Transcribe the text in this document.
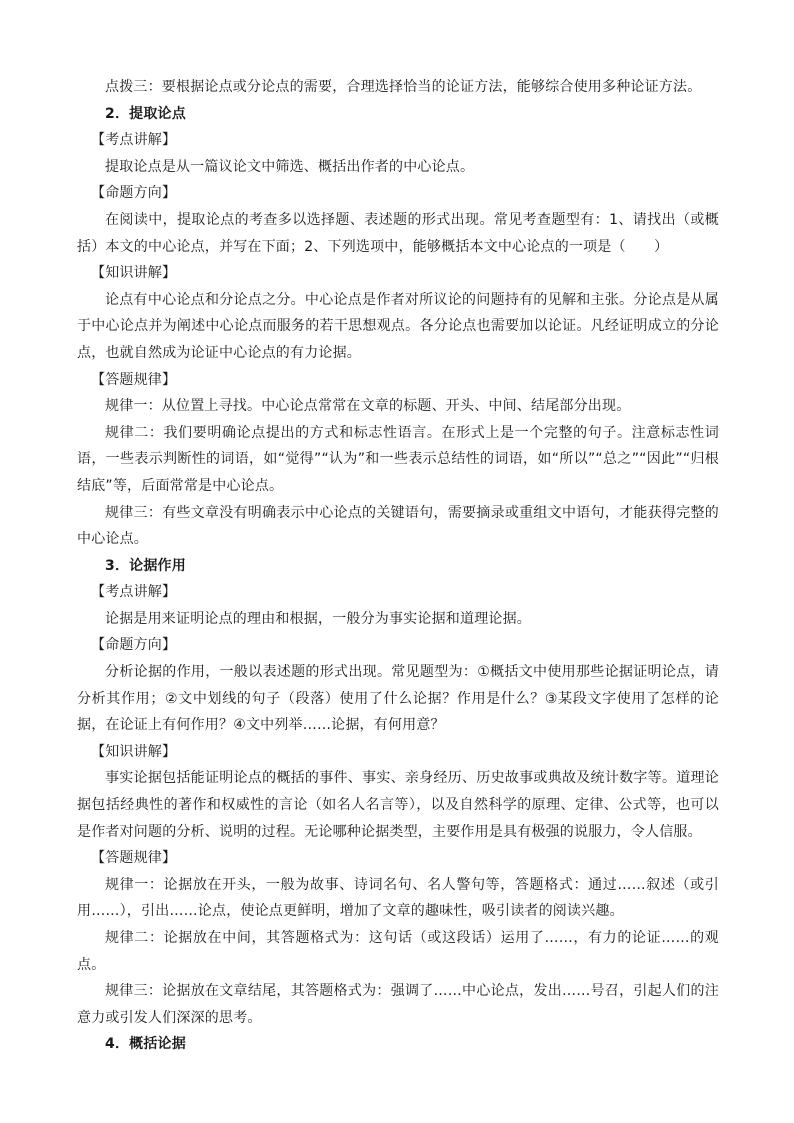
点拨三：要根据论点或分论点的需要，合理选择恰当的论证方法，能够综合使用多种论证方法。

2．提取论点

【考点讲解】

提取论点是从一篇议论文中筛选、概括出作者的中心论点。

【命题方向】

在阅读中，提取论点的考查多以选择题、表述题的形式出现。常见考查题型有：1、请找出（或概括）本文的中心论点，并写在下面；2、下列选项中，能够概括本文中心论点的一项是（　　）

【知识讲解】

论点有中心论点和分论点之分。中心论点是作者对所议论的问题持有的见解和主张。分论点是从属于中心论点并为阐述中心论点而服务的若干思想观点。各分论点也需要加以论证。凡经证明成立的分论点，也就自然成为论证中心论点的有力论据。

【答题规律】

规律一：从位置上寻找。中心论点常常在文章的标题、开头、中间、结尾部分出现。

规律二：我们要明确论点提出的方式和标志性语言。在形式上是一个完整的句子。注意标志性词语，一些表示判断性的词语，如“觉得”“认为”和一些表示总结性的词语，如“所以”“总之”“因此”“归根结底”等，后面常常是中心论点。

规律三：有些文章没有明确表示中心论点的关键语句，需要摘录或重组文中语句，才能获得完整的中心论点。

3．论据作用

【考点讲解】

论据是用来证明论点的理由和根据，一般分为事实论据和道理论据。

【命题方向】

分析论据的作用，一般以表述题的形式出现。常见题型为：①概括文中使用那些论据证明论点，请分析其作用；②文中划线的句子（段落）使用了什么论据？作用是什么？③某段文字使用了怎样的论据，在论证上有何作用？④文中列举……论据，有何用意？

【知识讲解】

事实论据包括能证明论点的概括的事件、事实、亲身经历、历史故事或典故及统计数字等。道理论据包括经典性的著作和权威性的言论（如名人名言等），以及自然科学的原理、定律、公式等，也可以是作者对问题的分析、说明的过程。无论哪种论据类型，主要作用是具有极强的说服力，令人信服。

【答题规律】

规律一：论据放在开头，一般为故事、诗词名句、名人警句等，答题格式：通过……叙述（或引用……），引出……论点，使论点更鲜明，增加了文章的趣味性，吸引读者的阅读兴趣。

规律二：论据放在中间，其答题格式为：这句话（或这段话）运用了……，有力的论证……的观点。

规律三：论据放在文章结尾，其答题格式为：强调了……中心论点，发出……号召，引起人们的注意力或引发人们深深的思考。

4．概括论据
